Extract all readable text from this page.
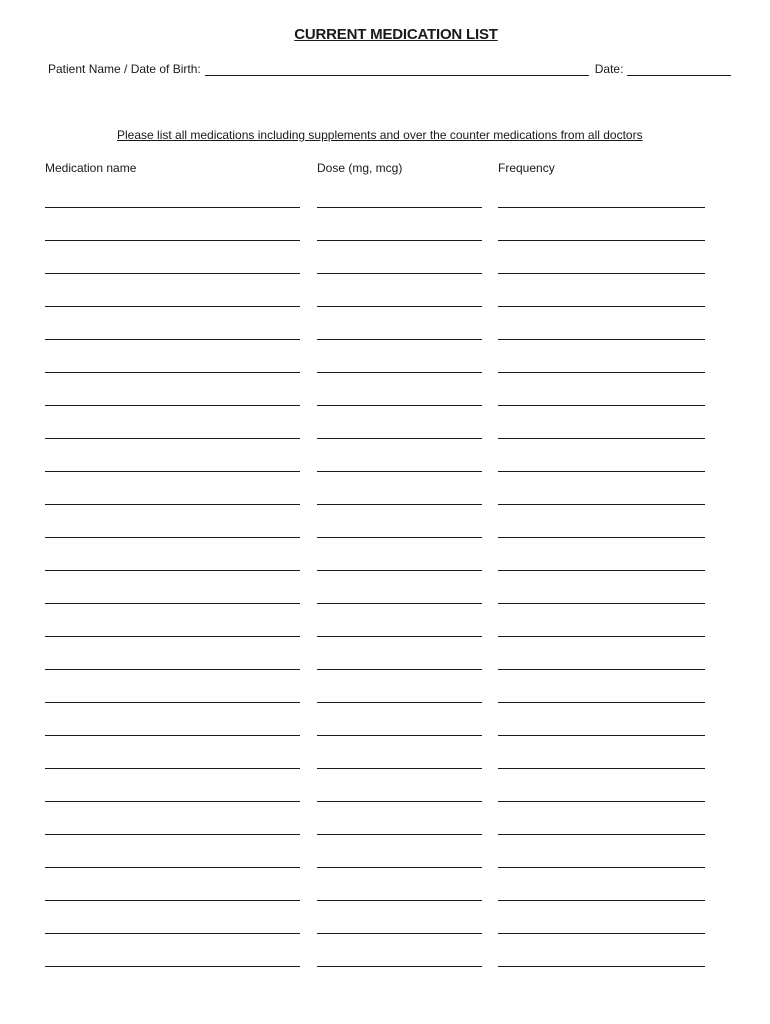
CURRENT MEDICATION LIST
Patient Name / Date of Birth:	Date:
Please list all medications including supplements and over the counter medications from all doctors
Medication name	Dose (mg, mcg)	Frequency
